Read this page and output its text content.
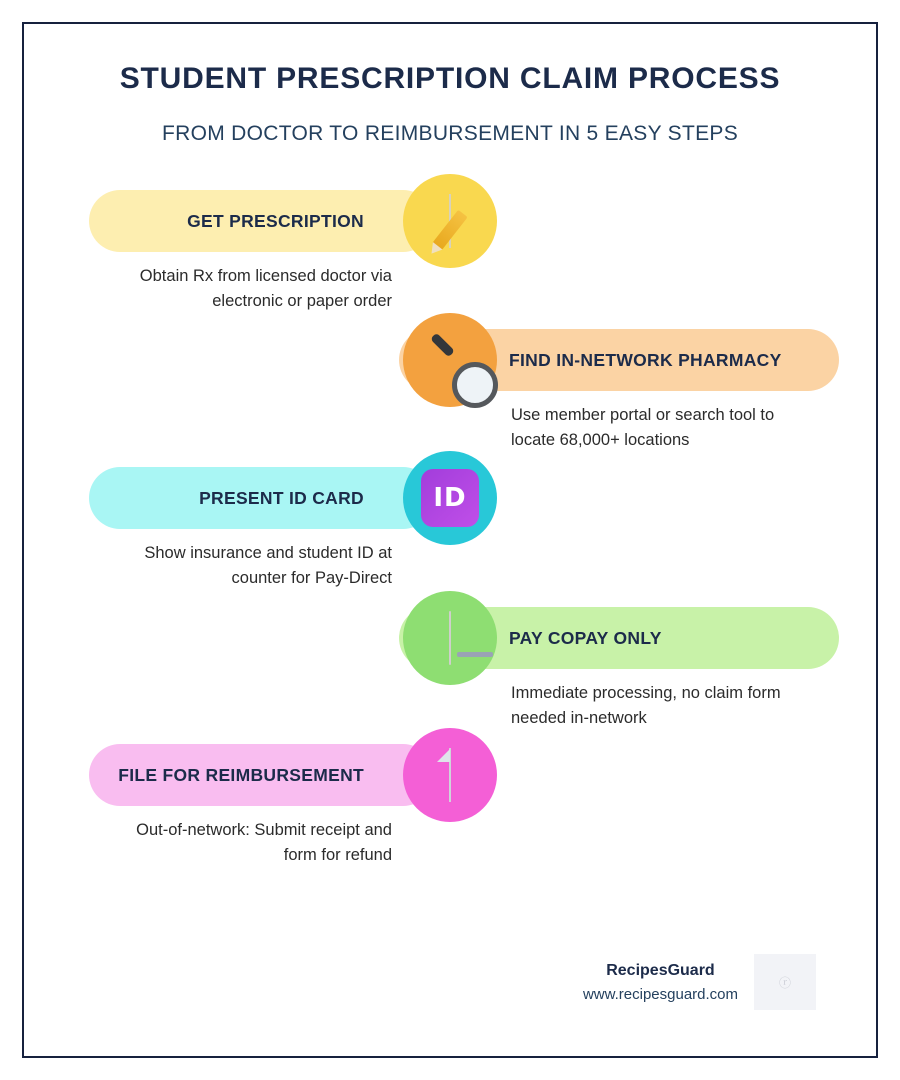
STUDENT PRESCRIPTION CLAIM PROCESS
FROM DOCTOR TO REIMBURSEMENT IN 5 EASY STEPS
GET PRESCRIPTION
Obtain Rx from licensed doctor via electronic or paper order
FIND IN-NETWORK PHARMACY
Use member portal or search tool to locate 68,000+ locations
PRESENT ID CARD	ID
Show insurance and student ID at counter for Pay-Direct
PAY COPAY ONLY
Immediate processing, no claim form needed in-network
FILE FOR REIMBURSEMENT
Out-of-network: Submit receipt and form for refund
RecipesGuard
www.recipesguard.com
ⓡ
